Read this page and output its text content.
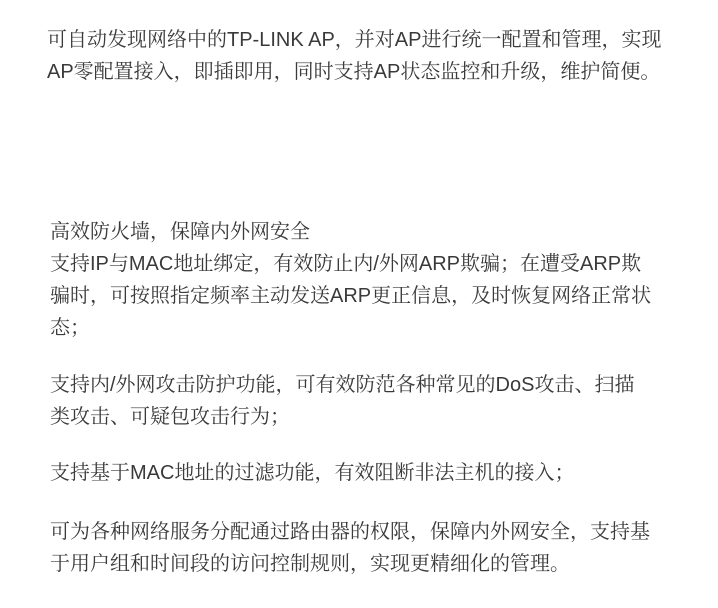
可自动发现网络中的TP-LINK AP，并对AP进行统一配置和管理，实现
AP零配置接入，即插即用，同时支持AP状态监控和升级，维护简便。
高效防火墙，保障内外网安全
支持IP与MAC地址绑定，有效防止内/外网ARP欺骗；在遭受ARP欺
骗时，可按照指定频率主动发送ARP更正信息，及时恢复网络正常状
态；
支持内/外网攻击防护功能，可有效防范各种常见的DoS攻击、扫描
类攻击、可疑包攻击行为；
支持基于MAC地址的过滤功能，有效阻断非法主机的接入；
可为各种网络服务分配通过路由器的权限，保障内外网安全，支持基
于用户组和时间段的访问控制规则，实现更精细化的管理。
